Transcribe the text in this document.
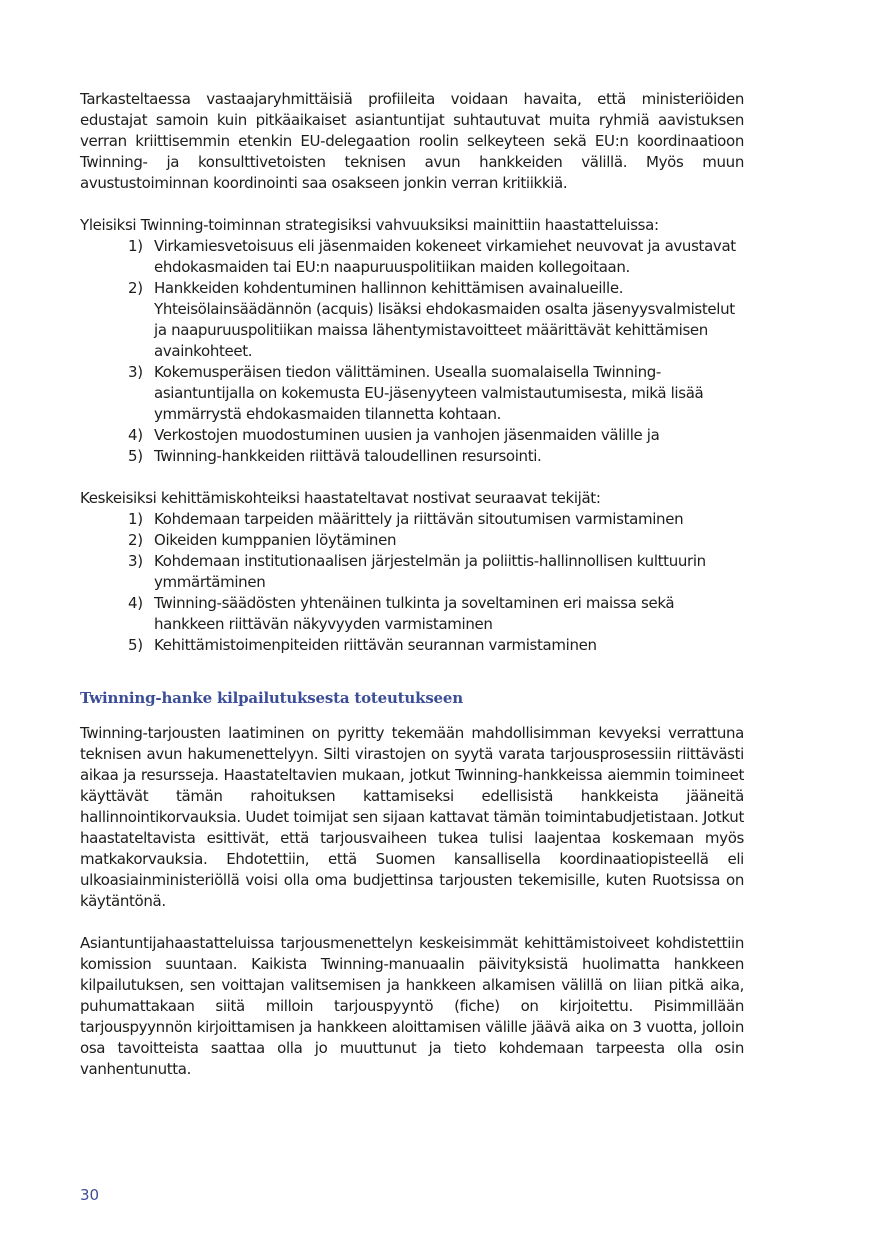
Tarkasteltaessa vastaajaryhmittäisiä profiileita voidaan havaita, että ministeriöiden edustajat samoin kuin pitkäaikaiset asiantuntijat suhtautuvat muita ryhmiä aavistuksen verran kriittisemmin etenkin EU-delegaation roolin selkeyteen sekä EU:n koordinaatioon Twinning- ja konsulttivetoisten teknisen avun hankkeiden välillä. Myös muun avustustoiminnan koordinointi saa osakseen jonkin verran kritiikkiä.

Yleisiksi Twinning-toiminnan strategisiksi vahvuuksiksi mainittiin haastatteluissa:

1) Virkamiesvetoisuus eli jäsenmaiden kokeneet virkamiehet neuvovat ja avustavat ehdokasmaiden tai EU:n naapuruuspolitiikan maiden kollegoitaan.
2) Hankkeiden kohdentuminen hallinnon kehittämisen avainalueille. Yhteisölainsäädännön (acquis) lisäksi ehdokasmaiden osalta jäsenyysvalmistelut ja naapuruuspolitiikan maissa lähentymistavoitteet määrittävät kehittämisen avainkohteet.
3) Kokemusperäisen tiedon välittäminen. Usealla suomalaisella Twinning-asiantuntijalla on kokemusta EU-jäsenyyteen valmistautumisesta, mikä lisää ymmärrystä ehdokasmaiden tilannetta kohtaan.
4) Verkostojen muodostuminen uusien ja vanhojen jäsenmaiden välille ja
5) Twinning-hankkeiden riittävä taloudellinen resursointi.

Keskeisiksi kehittämiskohteiksi haastateltavat nostivat seuraavat tekijät:

1) Kohdemaan tarpeiden määrittely ja riittävän sitoutumisen varmistaminen
2) Oikeiden kumppanien löytäminen
3) Kohdemaan institutionaalisen järjestelmän ja poliittis-hallinnollisen kulttuurin ymmärtäminen
4) Twinning-säädösten yhtenäinen tulkinta ja soveltaminen eri maissa sekä hankkeen riittävän näkyvyyden varmistaminen
5) Kehittämistoimenpiteiden riittävän seurannan varmistaminen
Twinning-hanke kilpailutuksesta toteutukseen

Twinning-tarjousten laatiminen on pyritty tekemään mahdollisimman kevyeksi verrattuna teknisen avun hakumenettelyyn. Silti virastojen on syytä varata tarjousprosessiin riittävästi aikaa ja resursseja. Haastateltavien mukaan, jotkut Twinning-hankkeissa aiemmin toimineet käyttävät tämän rahoituksen kattamiseksi edellisistä hankkeista jääneitä hallinnointikorvauksia. Uudet toimijat sen sijaan kattavat tämän toimintabudjetistaan. Jotkut haastateltavista esittivät, että tarjousvaiheen tukea tulisi laajentaa koskemaan myös matkakorvauksia. Ehdotettiin, että Suomen kansallisella koordinaatiopisteellä eli ulkoasiainministeriöllä voisi olla oma budjettinsa tarjousten tekemisille, kuten Ruotsissa on käytäntönä.

Asiantuntijahaastatteluissa tarjousmenettelyn keskeisimmät kehittämistoiveet kohdistettiin komission suuntaan. Kaikista Twinning-manuaalin päivityksistä huolimatta hankkeen kilpailutuksen, sen voittajan valitsemisen ja hankkeen alkamisen välillä on liian pitkä aika, puhumattakaan siitä milloin tarjouspyyntö (fiche) on kirjoitettu. Pisimmillään tarjouspyynnön kirjoittamisen ja hankkeen aloittamisen välille jäävä aika on 3 vuotta, jolloin osa tavoitteista saattaa olla jo muuttunut ja tieto kohdemaan tarpeesta olla osin vanhentunutta.

30
